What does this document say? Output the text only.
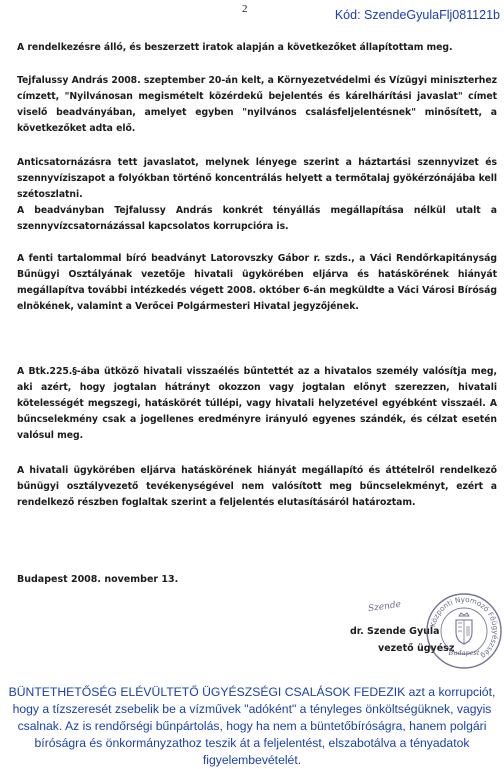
2	Kód: SzendeGyulaFlj081121b

A rendelkezésre álló, és beszerzett iratok alapján a következőket állapítottam meg.

Tejfalussy András 2008. szeptember 20-án kelt, a Környezetvédelmi és Vízügyi miniszterhez címzett, "Nyilvánosan megismételt közérdekű bejelentés és kárelhárítási javaslat" címet viselő beadványában, amelyet egyben "nyilvános csalásfeljelentésnek" minősített, a következőket adta elő.

Anticsatornázásra tett javaslatot, melynek lényege szerint a háztartási szennyvizet és szennyvíziszapot a folyókban történő koncentrálás helyett a termőtalaj gyökérzónájába kell szétoszlatni.
A beadványban Tejfalussy András konkrét tényállás megállapítása nélkül utalt a szennyvízcsatornázással kapcsolatos korrupcióra is.

A fenti tartalommal bíró beadványt Latorovszky Gábor r. szds., a Váci Rendőrkapitányság Bűnügyi Osztályának vezetője hivatali ügykörében eljárva és hatáskörének hiányát megállapítva további intézkedés végett 2008. október 6-án megküldte a Váci Városi Bíróság elnökének, valamint a Verőcei Polgármesteri Hivatal jegyzőjének.

A Btk.225.§-ába ütköző hivatali visszaélés bűntettét az a hivatalos személy valósítja meg, aki azért, hogy jogtalan hátrányt okozzon vagy jogtalan előnyt szerezzen, hivatali kötelességét megszegi, hatáskörét túllépi, vagy hivatali helyzetével egyébként visszaél. A bűncselekmény csak a jogellenes eredményre irányuló egyenes szándék, és célzat esetén valósul meg.

A hivatali ügykörében eljárva hatáskörének hiányát megállapító és áttételről rendelkező bűnügyi osztályvezető tevékenységével nem valósított meg bűncselekményt, ezért a rendelkező részben foglaltak szerint a feljelentés elutasításáról határoztam.

Budapest 2008. november 13.
Szende
dr. Szende Gyula
vezető ügyész
Központi Nyomozó Főügyészség
Budapest

BÜNTETHETŐSÉG ELÉVÜLTETŐ ÜGYÉSZSÉGI CSALÁSOK FEDEZIK azt a korrupciót, hogy a tízszeresét zsebelik be a vízművek "adóként" a tényleges önköltségüknek, vagyis csalnak. Az is rendőrségi bűnpártolás, hogy ha nem a büntetőbíróságra, hanem polgári bíróságra és önkormányzathoz teszik át a feljelentést, elszabotálva a tényadatok figyelembevételét.
